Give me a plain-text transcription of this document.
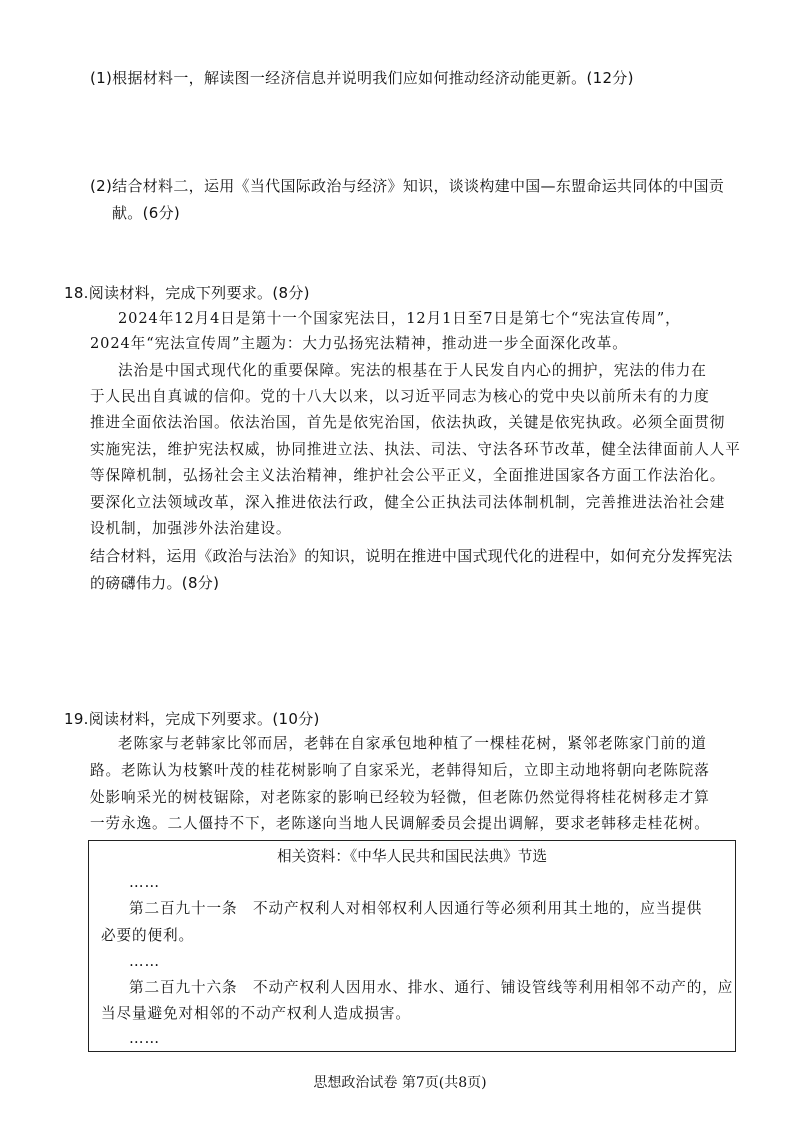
(1)根据材料一，解读图一经济信息并说明我们应如何推动经济动能更新。(12分)
(2)结合材料二，运用《当代国际政治与经济》知识，谈谈构建中国—东盟命运共同体的中国贡
献。(6分)
18.阅读材料，完成下列要求。(8分)
2024年12月4日是第十一个国家宪法日，12月1日至7日是第七个“宪法宣传周”，
2024年“宪法宣传周”主题为：大力弘扬宪法精神，推动进一步全面深化改革。
法治是中国式现代化的重要保障。宪法的根基在于人民发自内心的拥护，宪法的伟力在
于人民出自真诚的信仰。党的十八大以来，以习近平同志为核心的党中央以前所未有的力度
推进全面依法治国。依法治国，首先是依宪治国，依法执政，关键是依宪执政。必须全面贯彻
实施宪法，维护宪法权威，协同推进立法、执法、司法、守法各环节改革，健全法律面前人人平
等保障机制，弘扬社会主义法治精神，维护社会公平正义，全面推进国家各方面工作法治化。
要深化立法领域改革，深入推进依法行政，健全公正执法司法体制机制，完善推进法治社会建
设机制，加强涉外法治建设。
结合材料，运用《政治与法治》的知识，说明在推进中国式现代化的进程中，如何充分发挥宪法
的磅礴伟力。(8分)
19.阅读材料，完成下列要求。(10分)
老陈家与老韩家比邻而居，老韩在自家承包地种植了一棵桂花树，紧邻老陈家门前的道
路。老陈认为枝繁叶茂的桂花树影响了自家采光，老韩得知后，立即主动地将朝向老陈院落
处影响采光的树枝锯除，对老陈家的影响已经较为轻微，但老陈仍然觉得将桂花树移走才算
一劳永逸。二人僵持不下，老陈遂向当地人民调解委员会提出调解，要求老韩移走桂花树。
相关资料：《中华人民共和国民法典》节选
……
第二百九十一条　不动产权利人对相邻权利人因通行等必须利用其土地的，应当提供
必要的便利。
……
第二百九十六条　不动产权利人因用水、排水、通行、铺设管线等利用相邻不动产的，应
当尽量避免对相邻的不动产权利人造成损害。
……
思想政治试卷 第7页(共8页)
